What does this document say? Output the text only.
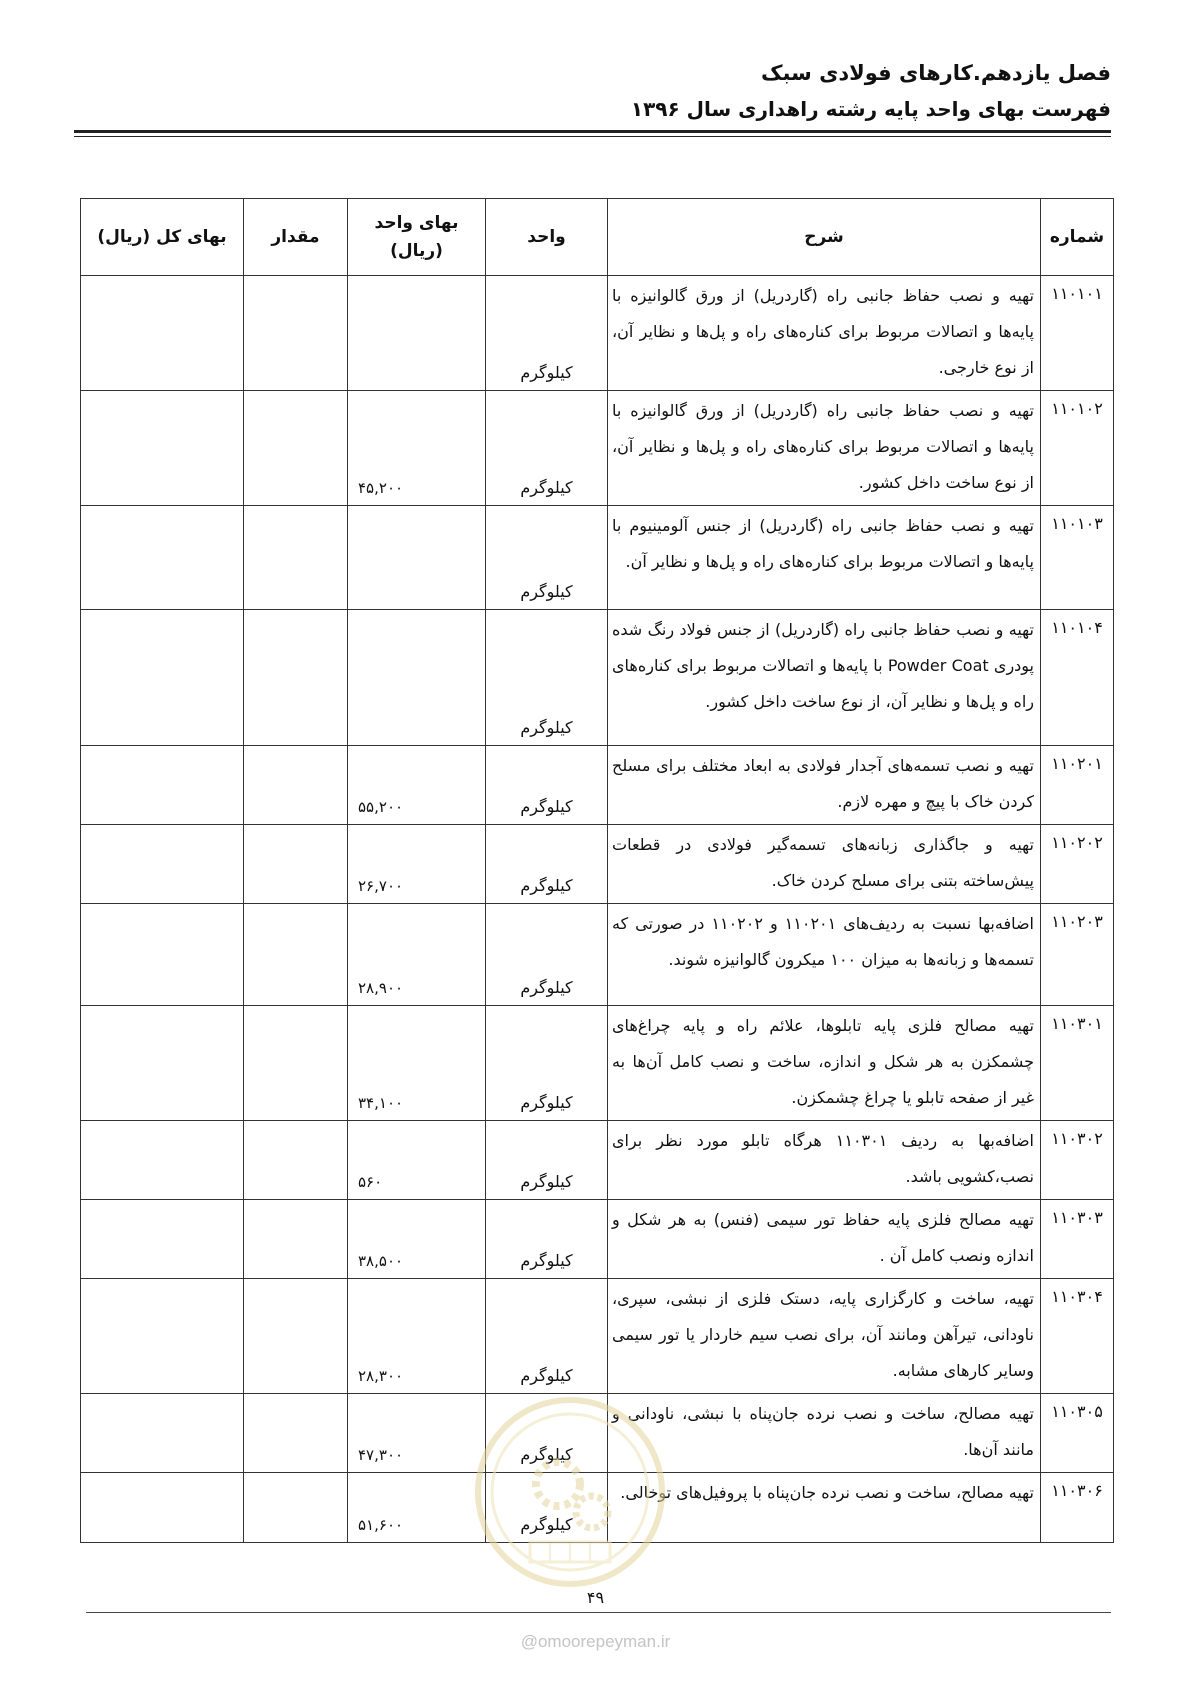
فصل یازدهم.کارهای فولادی سبک
فهرست بهای واحد پایه رشته راهداری سال ۱۳۹۶
شماره	شرح	واحد	بهای واحد (ریال)	مقدار	بهای کل (ریال)
۱۱۰۱۰۱	تهیه و نصب حفاظ جانبی راه (گاردریل) از ورق گالوانیزه با پایه‌ها و اتصالات مربوط برای کناره‌های راه و پل‌ها و نظایر آن، از نوع خارجی.	کیلوگرم			
۱۱۰۱۰۲	تهیه و نصب حفاظ جانبی راه (گاردریل) از ورق گالوانیزه با پایه‌ها و اتصالات مربوط برای کناره‌های راه و پل‌ها و نظایر آن، از نوع ساخت داخل کشور.	کیلوگرم	۴۵,۲۰۰		
۱۱۰۱۰۳	تهیه و نصب حفاظ جانبی راه (گاردریل) از جنس آلومینیوم با پایه‌ها و اتصالات مربوط برای کناره‌های راه و پل‌ها و نظایر آن.	کیلوگرم			
۱۱۰۱۰۴	تهیه و نصب حفاظ جانبی راه (گاردریل) از جنس فولاد رنگ شده پودری Powder Coat با پایه‌ها و اتصالات مربوط برای کناره‌های راه و پل‌ها و نظایر آن، از نوع ساخت داخل کشور.	کیلوگرم			
۱۱۰۲۰۱	تهیه و نصب تسمه‌های آجدار فولادی به ابعاد مختلف برای مسلح کردن خاک با پیچ و مهره لازم.	کیلوگرم	۵۵,۲۰۰		
۱۱۰۲۰۲	تهیه و جاگذاری زبانه‌های تسمه‌گیر فولادی در قطعات پیش‌ساخته بتنی برای مسلح کردن خاک.	کیلوگرم	۲۶,۷۰۰		
۱۱۰۲۰۳	اضافه‌بها نسبت به ردیف‌های ۱۱۰۲۰۱ و ۱۱۰۲۰۲ در صورتی که تسمه‌ها و زبانه‌ها به میزان ۱۰۰ میکرون گالوانیزه شوند.	کیلوگرم	۲۸,۹۰۰		
۱۱۰۳۰۱	تهیه مصالح فلزی پایه تابلوها، علائم راه و پایه چراغ‌های چشمکزن به هر شکل و اندازه، ساخت و نصب کامل آن‌ها به غیر از صفحه تابلو یا چراغ چشمکزن.	کیلوگرم	۳۴,۱۰۰		
۱۱۰۳۰۲	اضافه‌بها به ردیف ۱۱۰۳۰۱ هرگاه تابلو مورد نظر برای نصب،کشویی باشد.	کیلوگرم	۵۶۰		
۱۱۰۳۰۳	تهیه مصالح فلزی پایه حفاظ تور سیمی (فنس) به هر شکل و اندازه ونصب کامل آن .	کیلوگرم	۳۸,۵۰۰		
۱۱۰۳۰۴	تهیه، ساخت و کارگزاری پایه، دستک فلزی از نبشی، سپری، ناودانی، تیرآهن ومانند آن، برای نصب سیم خاردار یا تور سیمی وسایر کارهای مشابه.	کیلوگرم	۲۸,۳۰۰		
۱۱۰۳۰۵	تهیه مصالح، ساخت و نصب نرده جان‌پناه با نبشی، ناودانی و مانند آن‌ها.	کیلوگرم	۴۷,۳۰۰		
۱۱۰۳۰۶	تهیه مصالح، ساخت و نصب نرده جان‌پناه با پروفیل‌های توخالی.	کیلوگرم	۵۱,۶۰۰		
۴۹
@omoorepeyman.ir
